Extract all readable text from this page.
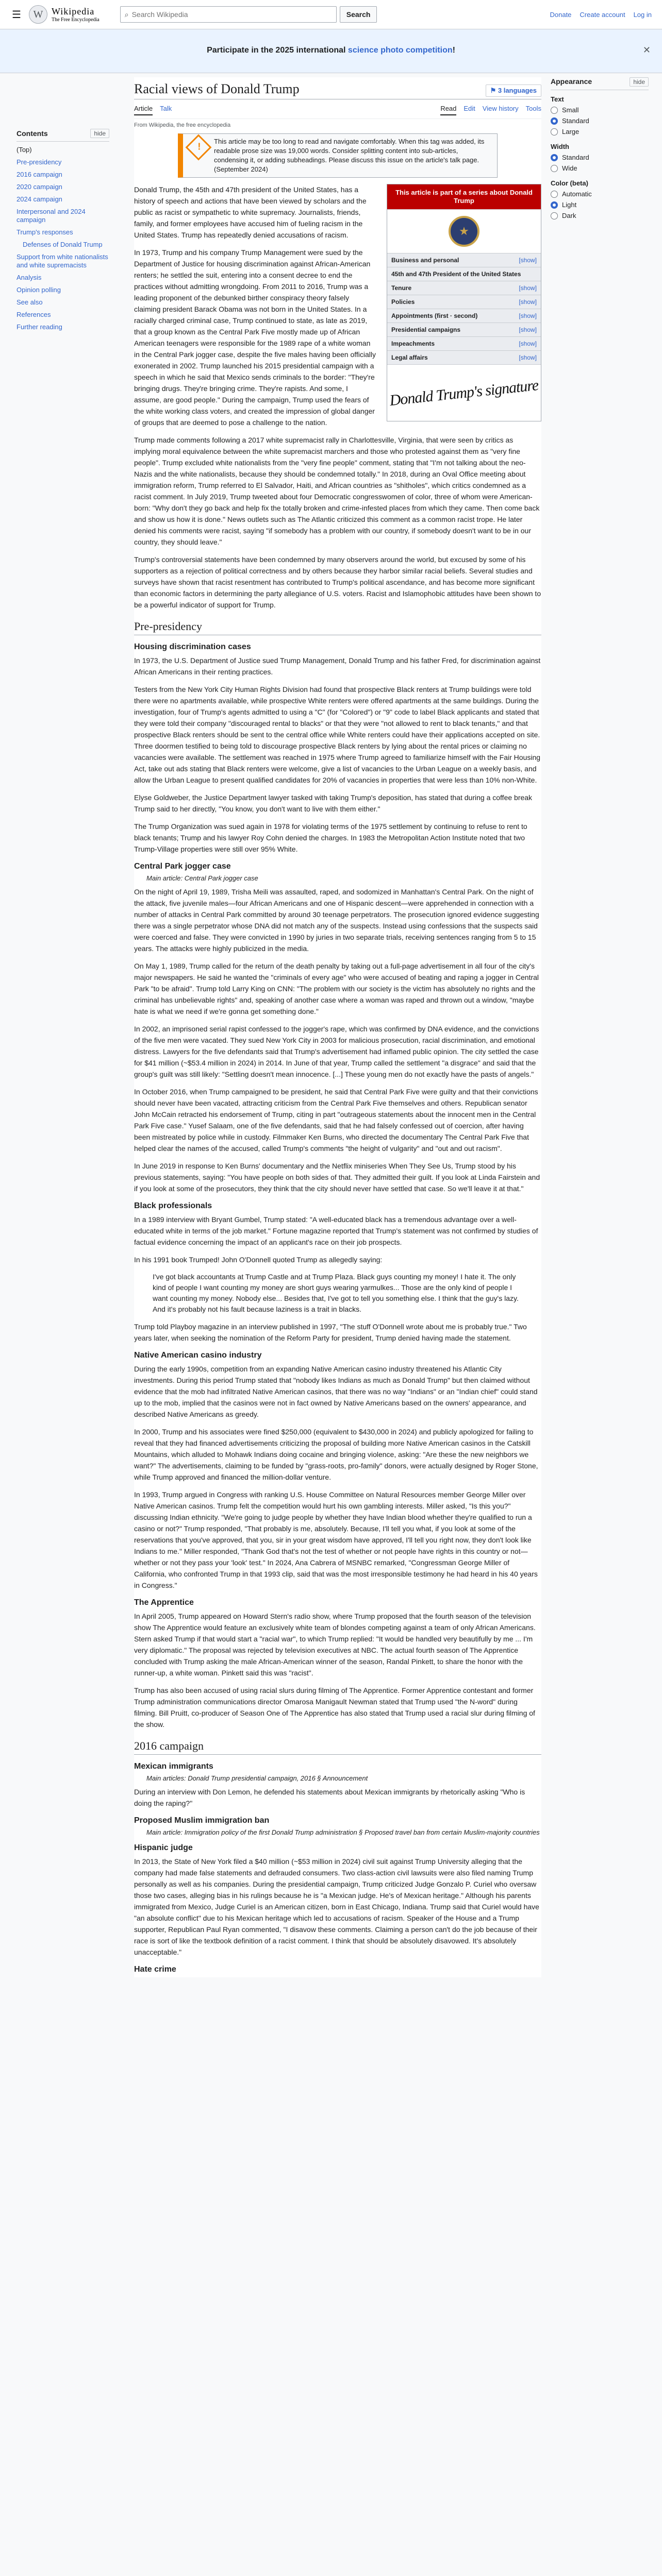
☰	W Wikipedia
The Free Encyclopedia
⌕
Search Wikipedia	Search	Donate Create account Log in
Participate in the 2025 international science photo competition!	✕
Contents	hide
(Top)
Pre-presidency
2016 campaign
2020 campaign
2024 campaign
Interpersonal and 2024 campaign
Trump's responses
Defenses of Donald Trump
Support from white nationalists and white supremacists
Analysis
Opinion polling
See also
References
Further reading
Racial views of Donald Trump	⚑ 3 languages
Article Talk	Read Edit View history Tools
From Wikipedia, the free encyclopedia
!
This article may be too long to read and navigate comfortably. When this tag was added, its readable prose size was 19,000 words. Consider splitting content into sub-articles, condensing it, or adding subheadings. Please discuss this issue on the article's talk page. (September 2024)

Donald Trump, the 45th and 47th president of the United States, has a history of speech and actions that have been viewed by scholars and the public as racist or sympathetic to white supremacy. Journalists, friends, family, and former employees have accused him of fueling racism in the United States. Trump has repeatedly denied accusations of racism.

In 1973, Trump and his company Trump Management were sued by the Department of Justice for housing discrimination against African-American renters; he settled the suit, entering into a consent decree to end the practices without admitting wrongdoing. From 2011 to 2016, Trump was a leading proponent of the debunked birther conspiracy theory falsely claiming president Barack Obama was not born in the United States. In a racially charged criminal case, Trump continued to state, as late as 2019, that a group known as the Central Park Five mostly made up of African American teenagers were responsible for the 1989 rape of a white woman in the Central Park jogger case, despite the five males having been officially exonerated in 2002. Trump launched his 2015 presidential campaign with a speech in which he said that Mexico sends criminals to the border: "They're bringing drugs. They're bringing crime. They're rapists. And some, I assume, are good people." During the campaign, Trump used the fears of the white working class voters, and created the impression of global danger of groups that are deemed to pose a challenge to the nation.

This article is part of a series about Donald Trump
★
Business and personal	[show]
45th and 47th President of the United States
Tenure	[show]
Policies	[show]
Appointments (first · second)	[show]
Presidential campaigns	[show]
Impeachments	[show]
Legal affairs	[show]
Donald Trump's signature

Trump made comments following a 2017 white supremacist rally in Charlottesville, Virginia, that were seen by critics as implying moral equivalence between the white supremacist marchers and those who protested against them as "very fine people". Trump excluded white nationalists from the "very fine people" comment, stating that "I'm not talking about the neo-Nazis and the white nationalists, because they should be condemned totally." In 2018, during an Oval Office meeting about immigration reform, Trump referred to El Salvador, Haiti, and African countries as "shitholes", which critics condemned as a racist comment. In July 2019, Trump tweeted about four Democratic congresswomen of color, three of whom were American-born: "Why don't they go back and help fix the totally broken and crime-infested places from which they came. Then come back and show us how it is done." News outlets such as The Atlantic criticized this comment as a common racist trope. He later denied his comments were racist, saying "if somebody has a problem with our country, if somebody doesn't want to be in our country, they should leave."

Trump's controversial statements have been condemned by many observers around the world, but excused by some of his supporters as a rejection of political correctness and by others because they harbor similar racial beliefs. Several studies and surveys have shown that racist resentment has contributed to Trump's political ascendance, and has become more significant than economic factors in determining the party allegiance of U.S. voters. Racist and Islamophobic attitudes have been shown to be a powerful indicator of support for Trump.

Pre-presidency
Housing discrimination cases

In 1973, the U.S. Department of Justice sued Trump Management, Donald Trump and his father Fred, for discrimination against African Americans in their renting practices.

Testers from the New York City Human Rights Division had found that prospective Black renters at Trump buildings were told there were no apartments available, while prospective White renters were offered apartments at the same buildings. During the investigation, four of Trump's agents admitted to using a "C" (for "Colored") or "9" code to label Black applicants and stated that they were told their company "discouraged rental to blacks" or that they were "not allowed to rent to black tenants," and that prospective Black renters should be sent to the central office while White renters could have their applications accepted on site. Three doormen testified to being told to discourage prospective Black renters by lying about the rental prices or claiming no vacancies were available. The settlement was reached in 1975 where Trump agreed to familiarize himself with the Fair Housing Act, take out ads stating that Black renters were welcome, give a list of vacancies to the Urban League on a weekly basis, and allow the Urban League to present qualified candidates for 20% of vacancies in properties that were less than 10% non-White.

Elyse Goldweber, the Justice Department lawyer tasked with taking Trump's deposition, has stated that during a coffee break Trump said to her directly, "You know, you don't want to live with them either."

The Trump Organization was sued again in 1978 for violating terms of the 1975 settlement by continuing to refuse to rent to black tenants; Trump and his lawyer Roy Cohn denied the charges. In 1983 the Metropolitan Action Institute noted that two Trump-Village properties were still over 95% White.

Central Park jogger case
Main article: Central Park jogger case

On the night of April 19, 1989, Trisha Meili was assaulted, raped, and sodomized in Manhattan's Central Park. On the night of the attack, five juvenile males—four African Americans and one of Hispanic descent—were apprehended in connection with a number of attacks in Central Park committed by around 30 teenage perpetrators. The prosecution ignored evidence suggesting there was a single perpetrator whose DNA did not match any of the suspects. Instead using confessions that the suspects said were coerced and false. They were convicted in 1990 by juries in two separate trials, receiving sentences ranging from 5 to 15 years. The attacks were highly publicized in the media.

On May 1, 1989, Trump called for the return of the death penalty by taking out a full-page advertisement in all four of the city's major newspapers. He said he wanted the "criminals of every age" who were accused of beating and raping a jogger in Central Park "to be afraid". Trump told Larry King on CNN: "The problem with our society is the victim has absolutely no rights and the criminal has unbelievable rights" and, speaking of another case where a woman was raped and thrown out a window, "maybe hate is what we need if we're gonna get something done."

In 2002, an imprisoned serial rapist confessed to the jogger's rape, which was confirmed by DNA evidence, and the convictions of the five men were vacated. They sued New York City in 2003 for malicious prosecution, racial discrimination, and emotional distress. Lawyers for the five defendants said that Trump's advertisement had inflamed public opinion. The city settled the case for $41 million (~$53.4 million in 2024) in 2014. In June of that year, Trump called the settlement "a disgrace" and said that the group's guilt was still likely: "Settling doesn't mean innocence. [...] These young men do not exactly have the pasts of angels."

In October 2016, when Trump campaigned to be president, he said that Central Park Five were guilty and that their convictions should never have been vacated, attracting criticism from the Central Park Five themselves and others. Republican senator John McCain retracted his endorsement of Trump, citing in part "outrageous statements about the innocent men in the Central Park Five case." Yusef Salaam, one of the five defendants, said that he had falsely confessed out of coercion, after having been mistreated by police while in custody. Filmmaker Ken Burns, who directed the documentary The Central Park Five that helped clear the names of the accused, called Trump's comments "the height of vulgarity" and "out and out racism".

In June 2019 in response to Ken Burns' documentary and the Netflix miniseries When They See Us, Trump stood by his previous statements, saying: "You have people on both sides of that. They admitted their guilt. If you look at Linda Fairstein and if you look at some of the prosecutors, they think that the city should never have settled that case. So we'll leave it at that."

Black professionals

In a 1989 interview with Bryant Gumbel, Trump stated: "A well-educated black has a tremendous advantage over a well-educated white in terms of the job market." Fortune magazine reported that Trump's statement was not confirmed by studies of factual evidence concerning the impact of an applicant's race on their job prospects.

In his 1991 book Trumped! John O'Donnell quoted Trump as allegedly saying:

I've got black accountants at Trump Castle and at Trump Plaza. Black guys counting my money! I hate it. The only kind of people I want counting my money are short guys wearing yarmulkes... Those are the only kind of people I want counting my money. Nobody else... Besides that, I've got to tell you something else. I think that the guy's lazy. And it's probably not his fault because laziness is a trait in blacks.

Trump told Playboy magazine in an interview published in 1997, "The stuff O'Donnell wrote about me is probably true." Two years later, when seeking the nomination of the Reform Party for president, Trump denied having made the statement.

Native American casino industry

During the early 1990s, competition from an expanding Native American casino industry threatened his Atlantic City investments. During this period Trump stated that "nobody likes Indians as much as Donald Trump" but then claimed without evidence that the mob had infiltrated Native American casinos, that there was no way "Indians" or an "Indian chief" could stand up to the mob, implied that the casinos were not in fact owned by Native Americans based on the owners' appearance, and described Native Americans as greedy.

In 2000, Trump and his associates were fined $250,000 (equivalent to $430,000 in 2024) and publicly apologized for failing to reveal that they had financed advertisements criticizing the proposal of building more Native American casinos in the Catskill Mountains, which alluded to Mohawk Indians doing cocaine and bringing violence, asking: "Are these the new neighbors we want?" The advertisements, claiming to be funded by "grass-roots, pro-family" donors, were actually designed by Roger Stone, while Trump approved and financed the million-dollar venture.

In 1993, Trump argued in Congress with ranking U.S. House Committee on Natural Resources member George Miller over Native American casinos. Trump felt the competition would hurt his own gambling interests. Miller asked, "Is this you?" discussing Indian ethnicity. "We're going to judge people by whether they have Indian blood whether they're qualified to run a casino or not?" Trump responded, "That probably is me, absolutely. Because, I'll tell you what, if you look at some of the reservations that you've approved, that you, sir in your great wisdom have approved, I'll tell you right now, they don't look like Indians to me." Miller responded, "Thank God that's not the test of whether or not people have rights in this country or not—whether or not they pass your 'look' test." In 2024, Ana Cabrera of MSNBC remarked, "Congressman George Miller of California, who confronted Trump in that 1993 clip, said that was the most irresponsible testimony he had heard in his 40 years in Congress."

The Apprentice

In April 2005, Trump appeared on Howard Stern's radio show, where Trump proposed that the fourth season of the television show The Apprentice would feature an exclusively white team of blondes competing against a team of only African Americans. Stern asked Trump if that would start a "racial war", to which Trump replied: "It would be handled very beautifully by me ... I'm very diplomatic." The proposal was rejected by television executives at NBC. The actual fourth season of The Apprentice concluded with Trump asking the male African-American winner of the season, Randal Pinkett, to share the honor with the runner-up, a white woman. Pinkett said this was "racist".

Trump has also been accused of using racial slurs during filming of The Apprentice. Former Apprentice contestant and former Trump administration communications director Omarosa Manigault Newman stated that Trump used "the N-word" during filming. Bill Pruitt, co-producer of Season One of The Apprentice has also stated that Trump used a racial slur during filming of the show.

2016 campaign
Mexican immigrants
Main articles: Donald Trump presidential campaign, 2016 § Announcement

During an interview with Don Lemon, he defended his statements about Mexican immigrants by rhetorically asking "Who is doing the raping?"

Proposed Muslim immigration ban
Main article: Immigration policy of the first Donald Trump administration § Proposed travel ban from certain Muslim-majority countries
Hispanic judge

In 2013, the State of New York filed a $40 million (~$53 million in 2024) civil suit against Trump University alleging that the company had made false statements and defrauded consumers. Two class-action civil lawsuits were also filed naming Trump personally as well as his companies. During the presidential campaign, Trump criticized Judge Gonzalo P. Curiel who oversaw those two cases, alleging bias in his rulings because he is "a Mexican judge. He's of Mexican heritage." Although his parents immigrated from Mexico, Judge Curiel is an American citizen, born in East Chicago, Indiana. Trump said that Curiel would have "an absolute conflict" due to his Mexican heritage which led to accusations of racism. Speaker of the House and a Trump supporter, Republican Paul Ryan commented, "I disavow these comments. Claiming a person can't do the job because of their race is sort of like the textbook definition of a racist comment. I think that should be absolutely disavowed. It's absolutely unacceptable."

Hate crime
Appearance	hide
Text
Small
Standard
Large
Width
Standard
Wide
Color (beta)
Automatic
Light
Dark
